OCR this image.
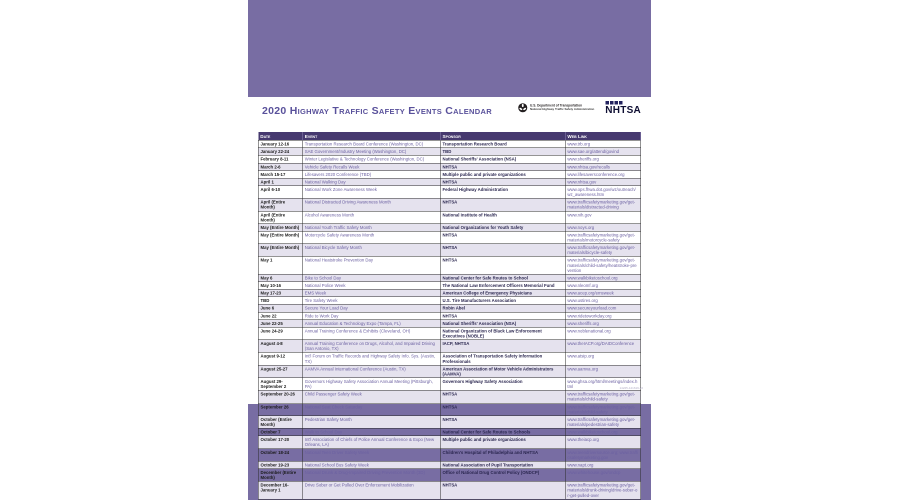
2020 Highway Traffic Safety Events Calendar	U.S. Department of Transportation
National Highway Traffic Safety Administration NHTSA
Date	Event	Sponsor	Web Link
January 12-16	Transportation Research Board Conference (Washington, DC)	Transportation Research Board	www.trb.org
January 22-24	SAE Government/Industry Meeting (Washington, DC)	TBD	www.sae.org/attend/govind
February 8-11	Winter Legislative & Technology Conference (Washington, DC)	National Sheriffs' Association (NSA)	www.sheriffs.org
March 2-6	Vehicle Safety Recalls Week	NHTSA	www.nhtsa.gov/recalls
March 15-17	Lifesavers 2020 Conference (TBD)	Multiple public and private organizations	www.lifesaversconference.org
April 1	National Walking Day	NHTSA	www.nhtsa.gov
April 6-10	National Work Zone Awareness Week	Federal Highway Administration	www.ops.fhwa.dot.gov/wz/outreach/wz_awareness.htm
April (Entire Month)	National Distracted Driving Awareness Month	NHTSA	www.trafficsafetymarketing.gov/get-materials/distracted-driving
April (Entire Month)	Alcohol Awareness Month	National Institute of Health	www.nih.gov
May (Entire Month)	National Youth Traffic Safety Month	National Organizations for Youth Safety	www.noys.org
May (Entire Month)	Motorcycle Safety Awareness Month	NHTSA	www.trafficsafetymarketing.gov/get-materials/motorcycle-safety
May (Entire Month)	National Bicycle Safety Month	NHTSA	www.trafficsafetymarketing.gov/get-materials/bicycle-safety
May 1	National Heatstroke Prevention Day	NHTSA	www.trafficsafetymarketing.gov/get-materials/child-safety/heatstroke-prevention
May 6	Bike to School Day	National Center for Safe Routes to School	www.walkbiketoschool.org
May 10-16	National Police Week	The National Law Enforcement Officers Memorial Fund	www.nleomf.org
May 17-23	EMS Week	American College of Emergency Physicians	www.acep.org/emsweek
TBD	Tire Safety Week	U.S. Tire Manufacturers Association	www.ustires.org
June 6	Secure Your Load Day	Robin Abel	www.secureyourload.com
June 22	Ride to Work Day	NHTSA	www.ridetoworkday.org
June 22-25	Annual Education & Technology Expo (Tampa, FL)	National Sheriffs' Association (NSA)	www.sheriffs.org
June 24-29	Annual Training Conference & Exhibits (Cleveland, OH)	National Organization of Black Law Enforcement Executives (NOBLE)	www.noblenational.org
August 4-8	Annual Training Conference on Drugs, Alcohol, and Impaired Driving (San Antonio, TX)	IACP, NHTSA	www.theIACP.org/DAIDConference
August 9-12	Int'l Forum on Traffic Records and Highway Safety Info. Sys. (Austin, TX)	Association of Transportation Safety Information Professionals	www.atsip.org
August 25-27	AAMVA Annual International Conference (Austin, TX)	American Association of Motor Vehicle Administrators (AAMVA)	www.aamva.org
August 29-September 2	Governors Highway Safety Association Annual Meeting (Pittsburgh, PA)	Governors Highway Safety Association	www.ghsa.org/html/meetings/index.html
September 20-26	Child Passenger Safety Week	NHTSA	www.trafficsafetymarketing.gov/get-materials/child-safety
September 26	National Seat Check Saturday	NHTSA	www.trafficsafetymarketing.gov/get-materials/child-safety
October (Entire Month)	Pedestrian Safety Month	NHTSA	www.trafficsafetymarketing.gov/get-materials/pedestrian-safety
October 7	Walk to School Day	National Center for Safe Routes to Schools	www.walkbiketoschool.org
October 17-20	Int'l Association of Chiefs of Police Annual Conference & Expo (New Orleans, LA)	Multiple public and private organizations	www.theiacp.org
October 18-24	National Teen Driver Safety Week	Children's Hospital of Philadelphia and NHTSA	www.teendriversource.org; www.trafficsafetymarketing.gov
October 19-23	National School Bus Safety Week	National Association of Pupil Transportation	www.napt.org
December (Entire Month)	National Drunk & Drug-Impaired Driving Prevention Month (3D)	Office of National Drug Control Policy (ONDCP)	www.whitehouse.gov/ondcp
December 16-January 1	Drive Sober or Get Pulled Over Enforcement Mobilization	NHTSA	www.trafficsafetymarketing.gov/get-materials/drunk-driving/drive-sober-or-get-pulled-over
14225-121619-v2
